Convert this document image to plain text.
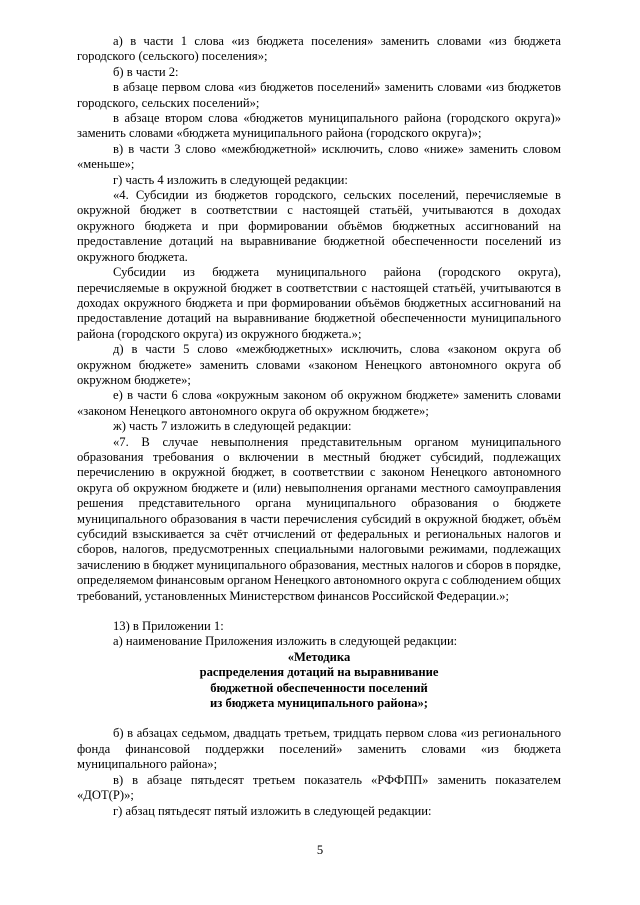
а) в части 1 слова «из бюджета поселения» заменить словами «из бюджета городского (сельского) поселения»;

б) в части 2:

в абзаце первом слова «из бюджетов поселений» заменить словами «из бюджетов городского, сельских поселений»;

в абзаце втором слова «бюджетов муниципального района (городского округа)» заменить словами «бюджета муниципального района (городского округа)»;

в) в части 3 слово «межбюджетной» исключить, слово «ниже» заменить словом «меньше»;

г) часть 4 изложить в следующей редакции:

«4. Субсидии из бюджетов городского, сельских поселений, перечисляемые в окружной бюджет в соответствии с настоящей статьёй, учитываются в доходах окружного бюджета и при формировании объёмов бюджетных ассигнований на предоставление дотаций на выравнивание бюджетной обеспеченности поселений из окружного бюджета.

Субсидии из бюджета муниципального района (городского округа), перечисляемые в окружной бюджет в соответствии с настоящей статьёй, учитываются в доходах окружного бюджета и при формировании объёмов бюджетных ассигнований на предоставление дотаций на выравнивание бюджетной обеспеченности муниципального района (городского округа) из окружного бюджета.»;

д) в части 5 слово «межбюджетных» исключить, слова «законом округа об окружном бюджете» заменить словами «законом Ненецкого автономного округа об окружном бюджете»;

е) в части 6 слова «окружным законом об окружном бюджете» заменить словами «законом Ненецкого автономного округа об окружном бюджете»;

ж) часть 7 изложить в следующей редакции:

«7. В случае невыполнения представительным органом муниципального образования требования о включении в местный бюджет субсидий, подлежащих перечислению в окружной бюджет, в соответствии с законом Ненецкого автономного округа об окружном бюджете и (или) невыполнения органами местного самоуправления решения представительного органа муниципального образования о бюджете муниципального образования в части перечисления субсидий в окружной бюджет, объём субсидий взыскивается за счёт отчислений от федеральных и региональных налогов и сборов, налогов, предусмотренных специальными налоговыми режимами, подлежащих зачислению в бюджет муниципального образования, местных налогов и сборов в порядке, определяемом финансовым органом Ненецкого автономного округа с соблюдением общих требований, установленных Министерством финансов Российской Федерации.»;

13) в Приложении 1:

а) наименование Приложения изложить в следующей редакции:

«Методика

распределения дотаций на выравнивание

бюджетной обеспеченности поселений

из бюджета муниципального района»;

б) в абзацах седьмом, двадцать третьем, тридцать первом слова «из регионального фонда финансовой поддержки поселений» заменить словами «из бюджета муниципального района»;

в) в абзаце пятьдесят третьем показатель «РФФПП» заменить показателем «ДОТ(Р)»;

г) абзац пятьдесят пятый изложить в следующей редакции:

5
